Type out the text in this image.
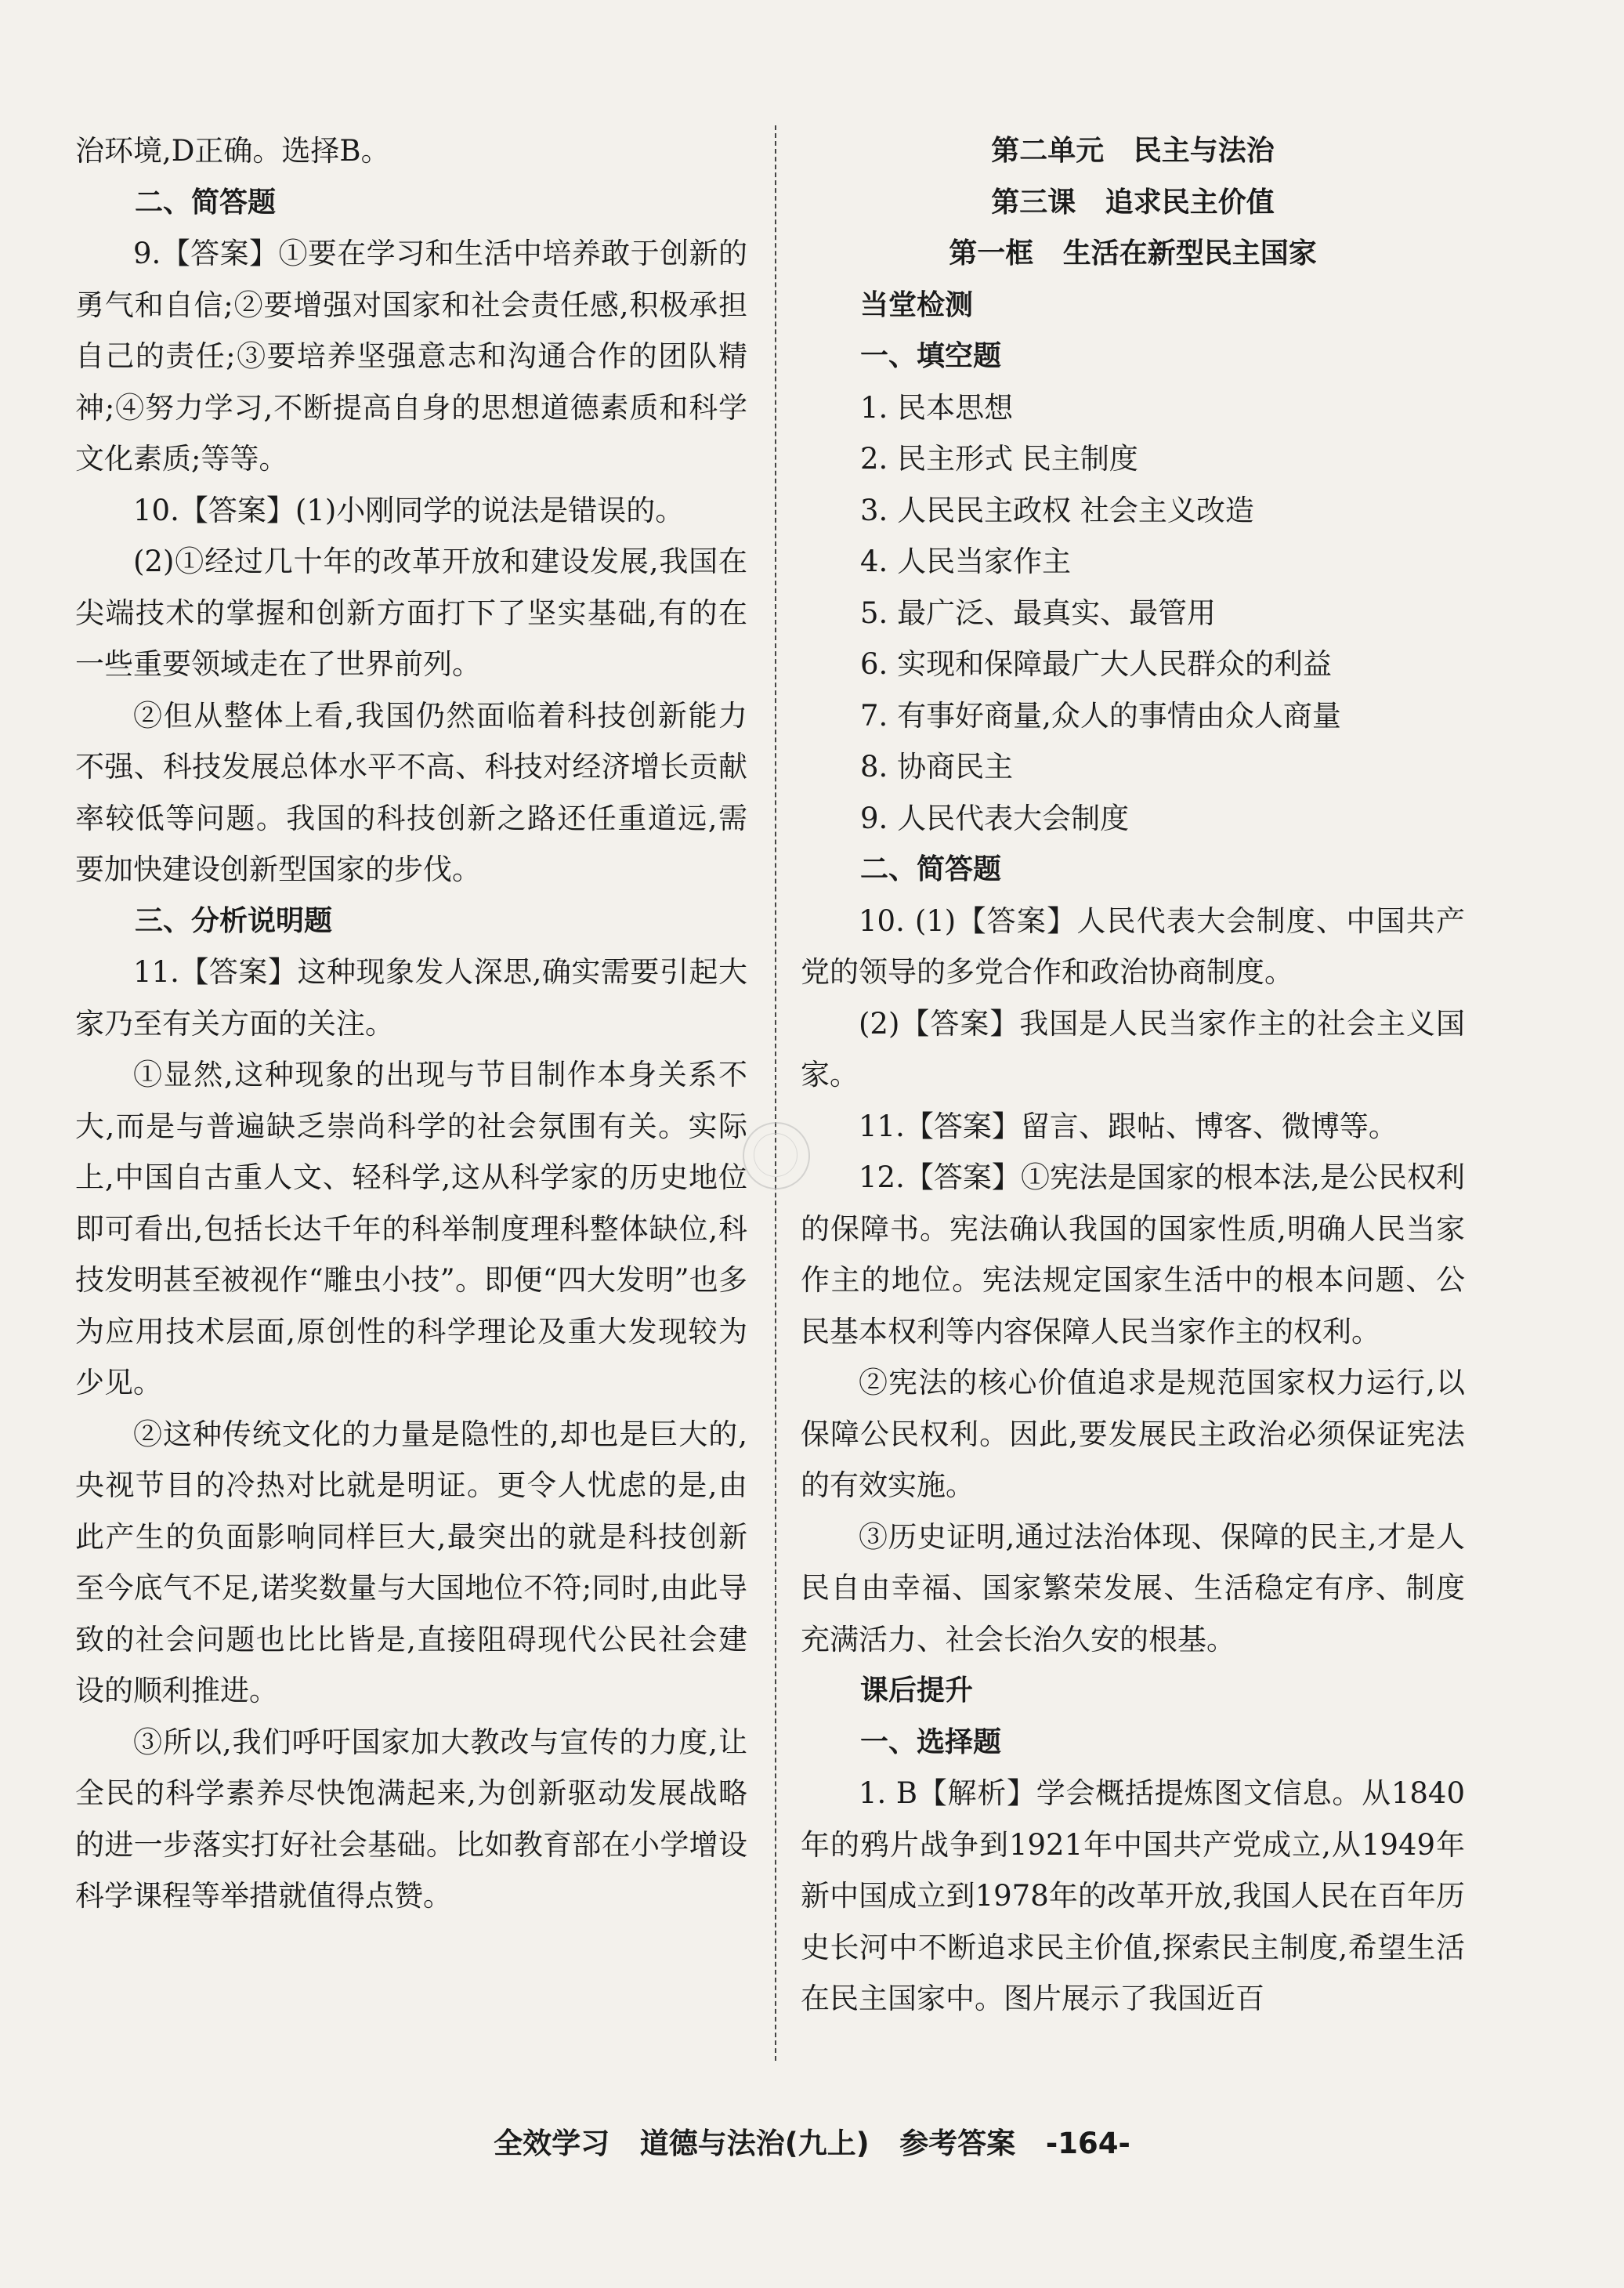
治环境,D正确。选择B。

二、简答题

9.【答案】①要在学习和生活中培养敢于创新的勇气和自信;②要增强对国家和社会责任感,积极承担自己的责任;③要培养坚强意志和沟通合作的团队精神;④努力学习,不断提高自身的思想道德素质和科学文化素质;等等。

10.【答案】(1)小刚同学的说法是错误的。

(2)①经过几十年的改革开放和建设发展,我国在尖端技术的掌握和创新方面打下了坚实基础,有的在一些重要领域走在了世界前列。

②但从整体上看,我国仍然面临着科技创新能力不强、科技发展总体水平不高、科技对经济增长贡献率较低等问题。我国的科技创新之路还任重道远,需要加快建设创新型国家的步伐。

三、分析说明题

11.【答案】这种现象发人深思,确实需要引起大家乃至有关方面的关注。

①显然,这种现象的出现与节目制作本身关系不大,而是与普遍缺乏崇尚科学的社会氛围有关。实际上,中国自古重人文、轻科学,这从科学家的历史地位即可看出,包括长达千年的科举制度理科整体缺位,科技发明甚至被视作“雕虫小技”。即便“四大发明”也多为应用技术层面,原创性的科学理论及重大发现较为少见。

②这种传统文化的力量是隐性的,却也是巨大的,央视节目的冷热对比就是明证。更令人忧虑的是,由此产生的负面影响同样巨大,最突出的就是科技创新至今底气不足,诺奖数量与大国地位不符;同时,由此导致的社会问题也比比皆是,直接阻碍现代公民社会建设的顺利推进。

③所以,我们呼吁国家加大教改与宣传的力度,让全民的科学素养尽快饱满起来,为创新驱动发展战略的进一步落实打好社会基础。比如教育部在小学增设科学课程等举措就值得点赞。

第二单元   民主与法治

第三课   追求民主价值

第一框   生活在新型民主国家

当堂检测

一、填空题

1. 民本思想

2. 民主形式 民主制度

3. 人民民主政权 社会主义改造

4. 人民当家作主

5. 最广泛、最真实、最管用

6. 实现和保障最广大人民群众的利益

7. 有事好商量,众人的事情由众人商量

8. 协商民主

9. 人民代表大会制度

二、简答题

10. (1)【答案】人民代表大会制度、中国共产党的领导的多党合作和政治协商制度。

(2)【答案】我国是人民当家作主的社会主义国家。

11.【答案】留言、跟帖、博客、微博等。

12.【答案】①宪法是国家的根本法,是公民权利的保障书。宪法确认我国的国家性质,明确人民当家作主的地位。宪法规定国家生活中的根本问题、公民基本权利等内容保障人民当家作主的权利。

②宪法的核心价值追求是规范国家权力运行,以保障公民权利。因此,要发展民主政治必须保证宪法的有效实施。

③历史证明,通过法治体现、保障的民主,才是人民自由幸福、国家繁荣发展、生活稳定有序、制度充满活力、社会长治久安的根基。

课后提升

一、选择题

1. B【解析】学会概括提炼图文信息。从1840年的鸦片战争到1921年中国共产党成立,从1949年新中国成立到1978年的改革开放,我国人民在百年历史长河中不断追求民主价值,探索民主制度,希望生活在民主国家中。图片展示了我国近百

全效学习   道德与法治(九上)   参考答案   -164-
